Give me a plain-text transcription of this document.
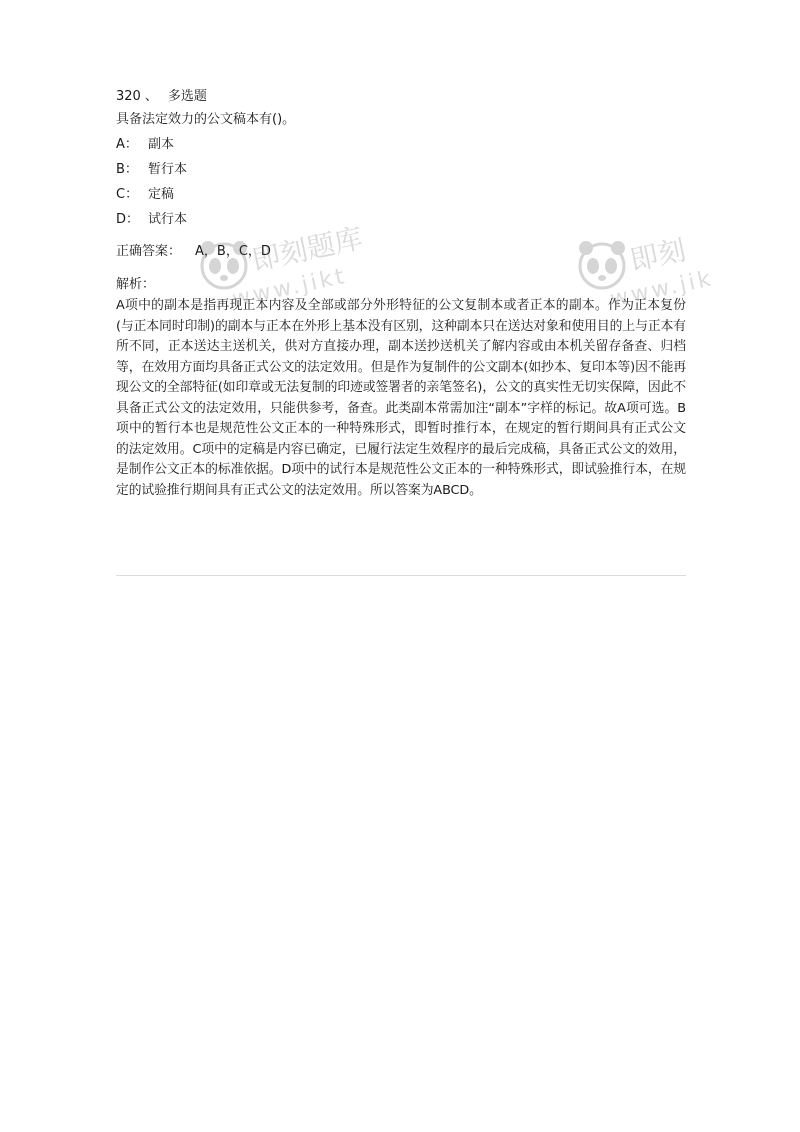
320 、 多选题
具备法定效力的公文稿本有()。
A： 副本
B： 暂行本
C： 定稿
D： 试行本
正确答案： A，B，C，D
解析：
A项中的副本是指再现正本内容及全部或部分外形特征的公文复制本或者正本的副本。作为正本复份(与正本同时印制)的副本与正本在外形上基本没有区别，这种副本只在送达对象和使用目的上与正本有所不同，正本送达主送机关，供对方直接办理，副本送抄送机关了解内容或由本机关留存备查、归档等，在效用方面均具备正式公文的法定效用。但是作为复制件的公文副本(如抄本、复印本等)因不能再现公文的全部特征(如印章或无法复制的印迹或签署者的亲笔签名)，公文的真实性无切实保障，因此不具备正式公文的法定效用，只能供参考，备查。此类副本常需加注“副本”字样的标记。故A项可选。B项中的暂行本也是规范性公文正本的一种特殊形式，即暂时推行本，在规定的暂行期间具有正式公文的法定效用。C项中的定稿是内容已确定，已履行法定生效程序的最后完成稿，具备正式公文的效用，是制作公文正本的标准依据。D项中的试行本是规范性公文正本的一种特殊形式，即试验推行本，在规定的试验推行期间具有正式公文的法定效用。所以答案为ABCD。
即刻题库
www.jikt
即刻
www.jik
